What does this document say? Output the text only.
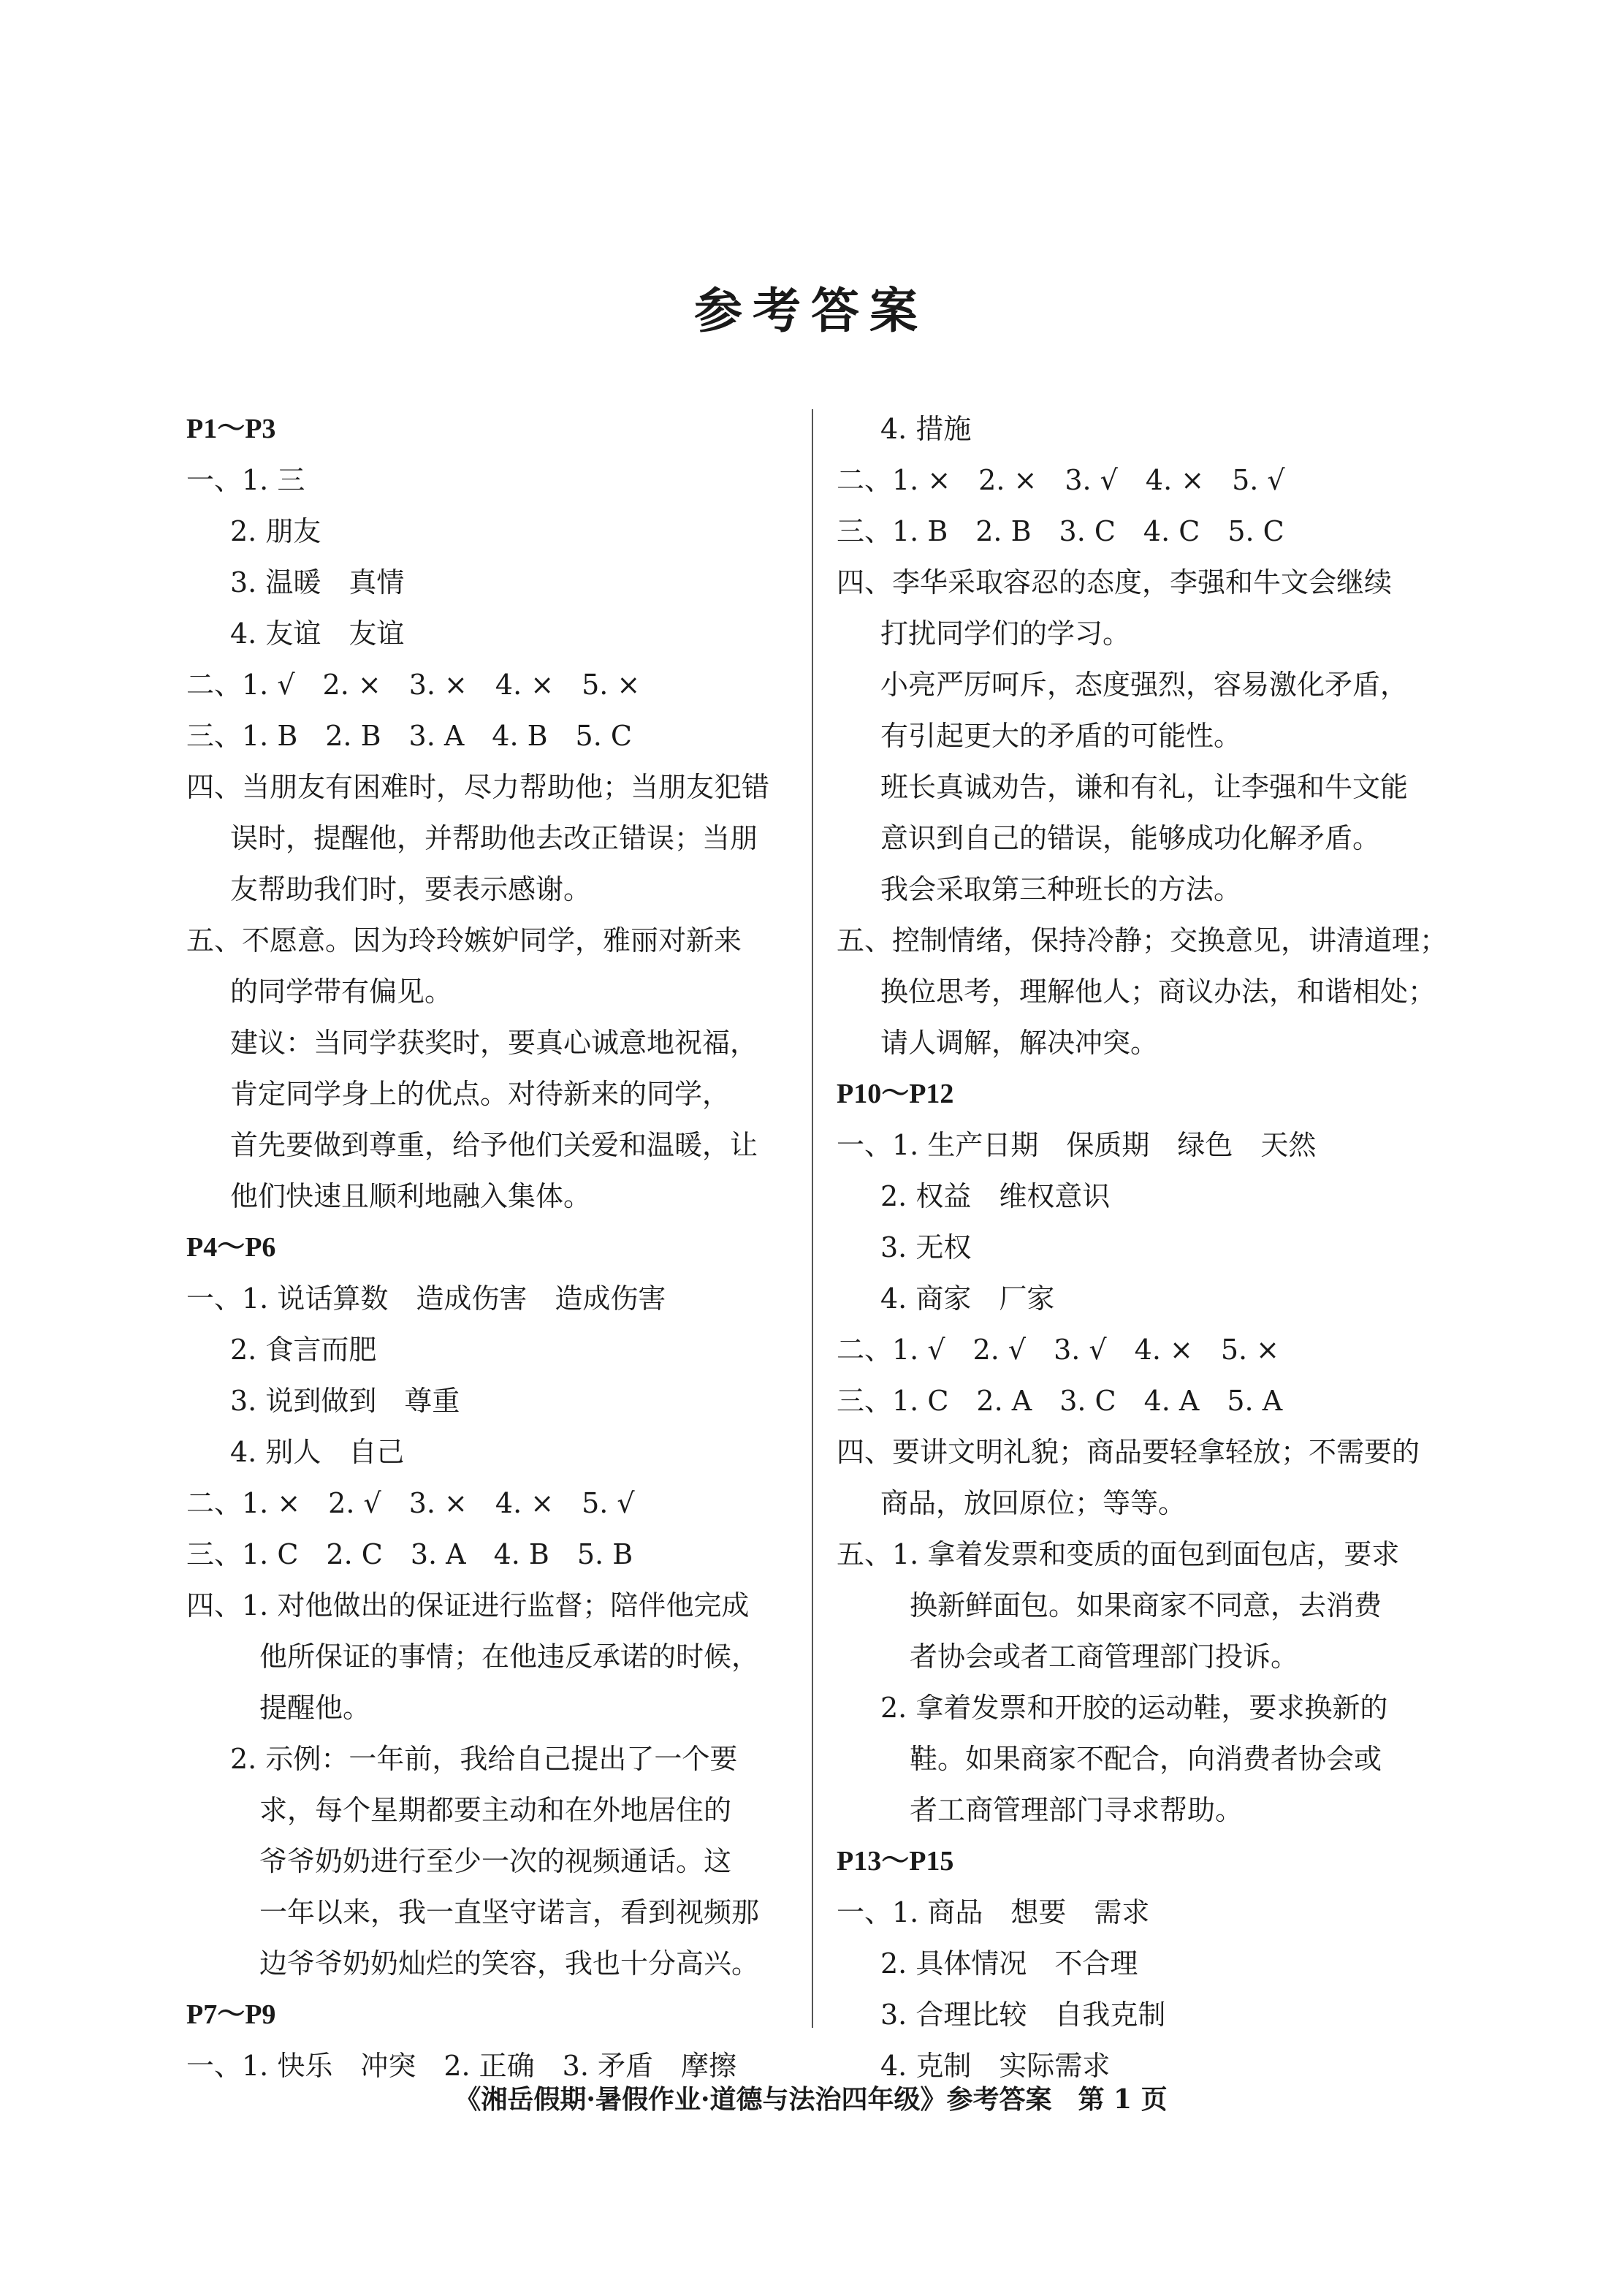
参考答案
P1～P3
一、1. 三
2. 朋友
3. 温暖　真情
4. 友谊　友谊
二、1. √　2. ×　3. ×　4. ×　5. ×
三、1. B　2. B　3. A　4. B　5. C
四、当朋友有困难时，尽力帮助他；当朋友犯错
误时，提醒他，并帮助他去改正错误；当朋
友帮助我们时，要表示感谢。
五、不愿意。因为玲玲嫉妒同学，雅丽对新来
的同学带有偏见。
建议：当同学获奖时，要真心诚意地祝福，
肯定同学身上的优点。对待新来的同学，
首先要做到尊重，给予他们关爱和温暖，让
他们快速且顺利地融入集体。
P4～P6
一、1. 说话算数　造成伤害　造成伤害
2. 食言而肥
3. 说到做到　尊重
4. 别人　自己
二、1. ×　2. √　3. ×　4. ×　5. √
三、1. C　2. C　3. A　4. B　5. B
四、1. 对他做出的保证进行监督；陪伴他完成
他所保证的事情；在他违反承诺的时候，
提醒他。
2. 示例：一年前，我给自己提出了一个要
求，每个星期都要主动和在外地居住的
爷爷奶奶进行至少一次的视频通话。这
一年以来，我一直坚守诺言，看到视频那
边爷爷奶奶灿烂的笑容，我也十分高兴。
P7～P9
一、1. 快乐　冲突　2. 正确　3. 矛盾　摩擦
4. 措施
二、1. ×　2. ×　3. √　4. ×　5. √
三、1. B　2. B　3. C　4. C　5. C
四、李华采取容忍的态度，李强和牛文会继续
打扰同学们的学习。
小亮严厉呵斥，态度强烈，容易激化矛盾，
有引起更大的矛盾的可能性。
班长真诚劝告，谦和有礼，让李强和牛文能
意识到自己的错误，能够成功化解矛盾。
我会采取第三种班长的方法。
五、控制情绪，保持冷静；交换意见，讲清道理；
换位思考，理解他人；商议办法，和谐相处；
请人调解，解决冲突。
P10～P12
一、1. 生产日期　保质期　绿色　天然
2. 权益　维权意识
3. 无权
4. 商家　厂家
二、1. √　2. √　3. √　4. ×　5. ×
三、1. C　2. A　3. C　4. A　5. A
四、要讲文明礼貌；商品要轻拿轻放；不需要的
商品，放回原位；等等。
五、1. 拿着发票和变质的面包到面包店，要求
换新鲜面包。如果商家不同意，去消费
者协会或者工商管理部门投诉。
2. 拿着发票和开胶的运动鞋，要求换新的
鞋。如果商家不配合，向消费者协会或
者工商管理部门寻求帮助。
P13～P15
一、1. 商品　想要　需求
2. 具体情况　不合理
3. 合理比较　自我克制
4. 克制　实际需求
《湘岳假期·暑假作业·道德与法治四年级》参考答案　第 1 页
